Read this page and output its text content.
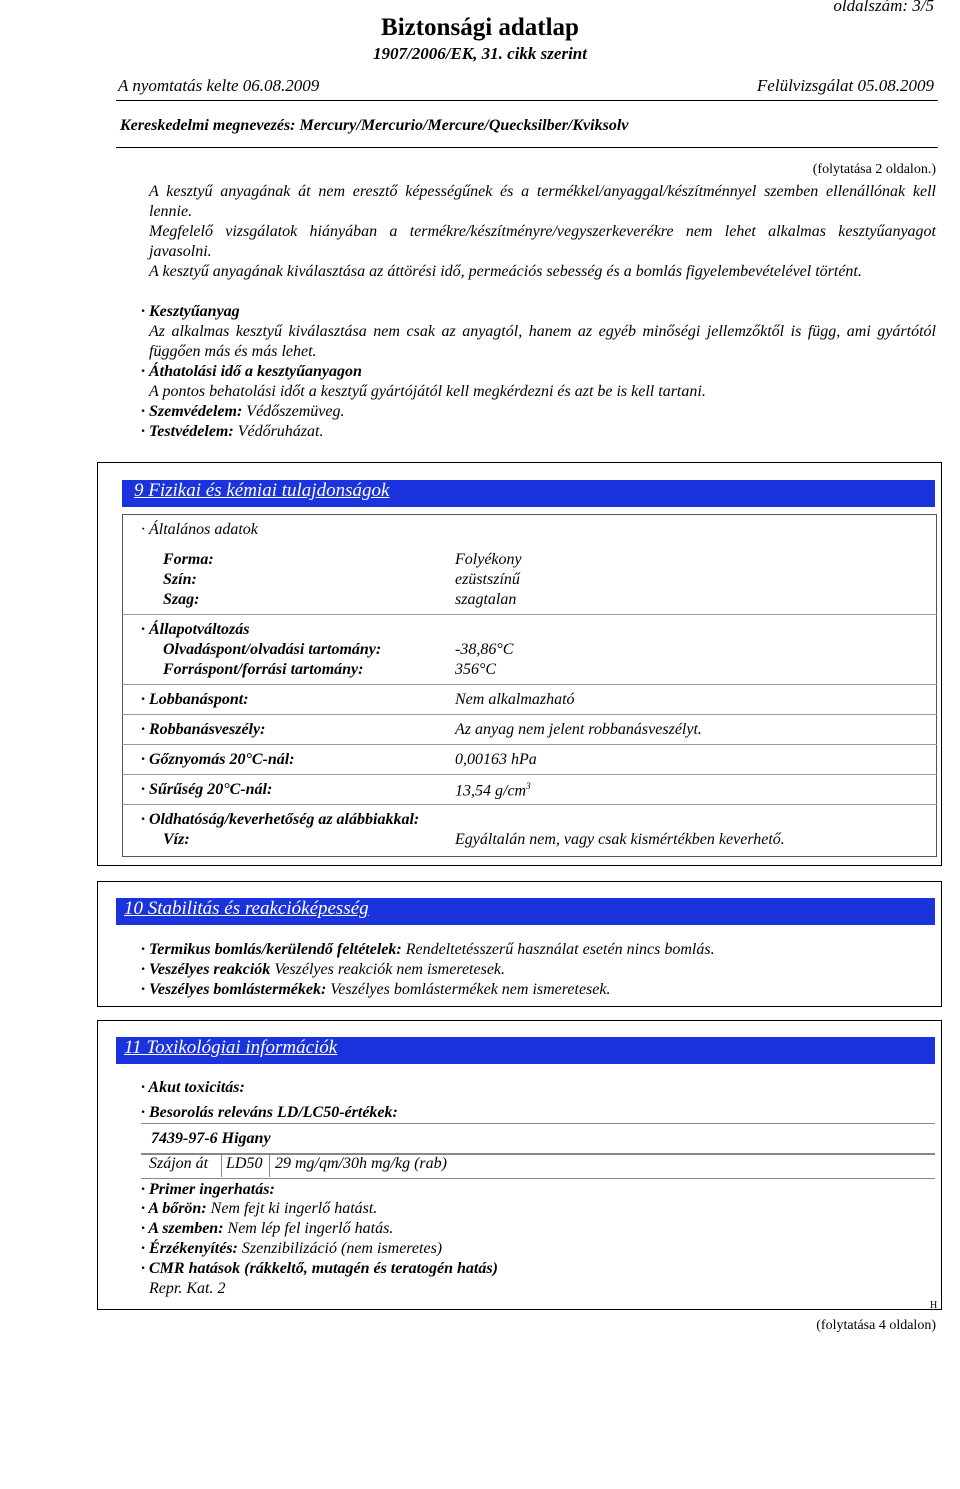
oldalszám: 3/5
Biztonsági adatlap
1907/2006/EK, 31. cikk szerint
A nyomtatás kelte 06.08.2009	Felülvizsgálat 05.08.2009
Kereskedelmi megnevezés: Mercury/Mercurio/Mercure/Quecksilber/Kviksolv
(folytatása 2 oldalon.)
A kesztyű anyagának át nem eresztő képességűnek és a termékkel/anyaggal/készítménnyel szemben ellenállónak kell lennie.
Megfelelő vizsgálatok hiányában a termékre/készítményre/vegyszerkeverékre nem lehet alkalmas kesztyűanyagot javasolni.
A kesztyű anyagának kiválasztása az áttörési idő, permeációs sebesség és a bomlás figyelembevételével történt.
· Kesztyűanyag
Az alkalmas kesztyű kiválasztása nem csak az anyagtól, hanem az egyéb minőségi jellemzőktől is függ, ami gyártótól függően más és más lehet.
· Áthatolási idő a kesztyűanyagon
A pontos behatolási időt a kesztyű gyártójától kell megkérdezni és azt be is kell tartani.
· Szemvédelem: Védőszemüveg.
· Testvédelem: Védőruházat.
9 Fizikai és kémiai tulajdonságok
· Általános adatok
Forma:	Folyékony
Szín:	ezüstszínű
Szag:	szagtalan
· Állapotváltozás
Olvadáspont/olvadási tartomány:	-38,86°C
Forráspont/forrási tartomány:	356°C
· Lobbanáspont:	Nem alkalmazható
· Robbanásveszély:	Az anyag nem jelent robbanásveszélyt.
· Gőznyomás 20°C-nál:	0,00163 hPa
· Sűrűség 20°C-nál:	13,54 $g/cm^3$
· Oldhatóság/keverhetőség az alábbiakkal:
Víz:	Egyáltalán nem, vagy csak kismértékben keverhető.
10 Stabilitás és reakcióképesség
· Termikus bomlás/kerülendő feltételek: Rendeltetésszerű használat esetén nincs bomlás.
· Veszélyes reakciók Veszélyes reakciók nem ismeretesek.
· Veszélyes bomlástermékek: Veszélyes bomlástermékek nem ismeretesek.
11 Toxikológiai információk
· Akut toxicitás:
· Besorolás releváns LD/LC50-értékek:
7439-97-6 Higany
Szájon át LD50 29 mg/qm/30h mg/kg (rab)
· Primer ingerhatás:
· A bőrön: Nem fejt ki ingerlő hatást.
· A szemben: Nem lép fel ingerlő hatás.
· Érzékenyítés: Szenzibilizáció (nem ismeretes)
· CMR hatások (rákkeltő, mutagén és teratogén hatás)
Repr. Kat. 2
H
(folytatása 4 oldalon)
